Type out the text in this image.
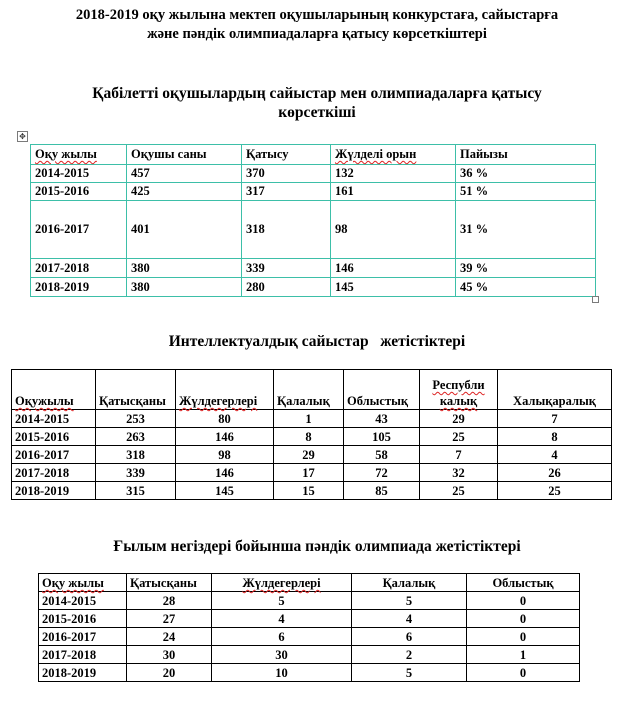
2018-2019 оқу жылына мектеп оқушыларының конкурстаға, сайыстарға
және пәндік олимпиадаларға қатысу көрсеткіштері
Қабілетті оқушылардың сайыстар мен олимпиадаларға қатысу
көрсеткіші
✥
Оқу жылы	Оқушы саны	Қатысу	Жүлделі орын	Пайызы
2014-2015	457	370	132	36 %
2015-2016	425	317	161	51 %
2016-2017	401	318	98	31 %
2017-2018	380	339	146	39 %
2018-2019	380	280	145	45 %
Интеллектуалдық сайыстар   жетістіктері
Оқужылы	Қатысқаны	Жүлдегерлері	Қалалық	Облыстық	Республи калық	Халықаралық
2014-2015	253	80	1	43	29	7
2015-2016	263	146	8	105	25	8
2016-2017	318	98	29	58	7	4
2017-2018	339	146	17	72	32	26
2018-2019	315	145	15	85	25	25
Ғылым негіздері бойынша пәндік олимпиада жетістіктері
Оқу жылы	Қатысқаны	Жүлдегерлері	Қалалық	Облыстық
2014-2015	28	5	5	0
2015-2016	27	4	4	0
2016-2017	24	6	6	0
2017-2018	30	30	2	1
2018-2019	20	10	5	0
